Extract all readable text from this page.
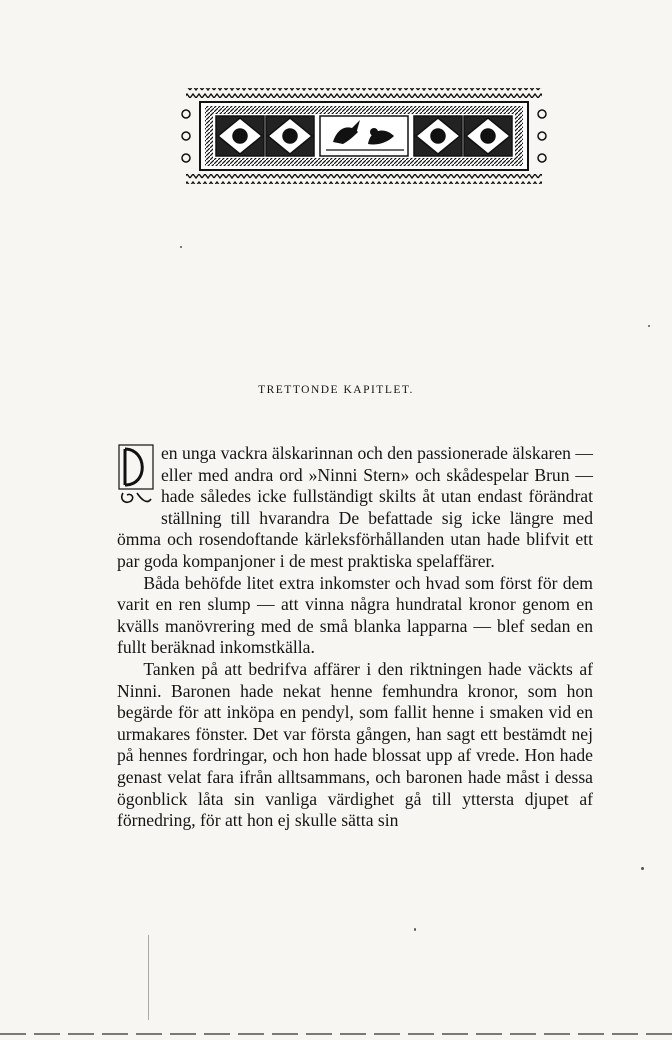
TRETTONDE KAPITLET.

en unga vackra älskarinnan och den passionerade älskaren — eller med andra ord »Ninni Stern» och skådespelar Brun — hade således icke fullständigt skilts åt utan endast förändrat ställning till hvarandra De befattade sig icke längre med ömma och rosendoftande kärleksförhållanden utan hade blifvit ett par goda kompanjoner i de mest praktiska spelaffärer.

Båda behöfde litet extra inkomster och hvad som först för dem varit en ren slump — att vinna några hundratal kronor genom en kvälls manövrering med de små blanka lapparna — blef sedan en fullt beräknad inkomstkälla.

Tanken på att bedrifva affärer i den riktningen hade väckts af Ninni. Baronen hade nekat henne femhundra kronor, som hon begärde för att inköpa en pendyl, som fallit henne i smaken vid en urmakares fönster. Det var första gången, han sagt ett bestämdt nej på hennes fordringar, och hon hade blossat upp af vrede. Hon hade genast velat fara ifrån alltsammans, och baronen hade måst i dessa ögonblick låta sin vanliga värdighet gå till yttersta djupet af förnedring, för att hon ej skulle sätta sin
